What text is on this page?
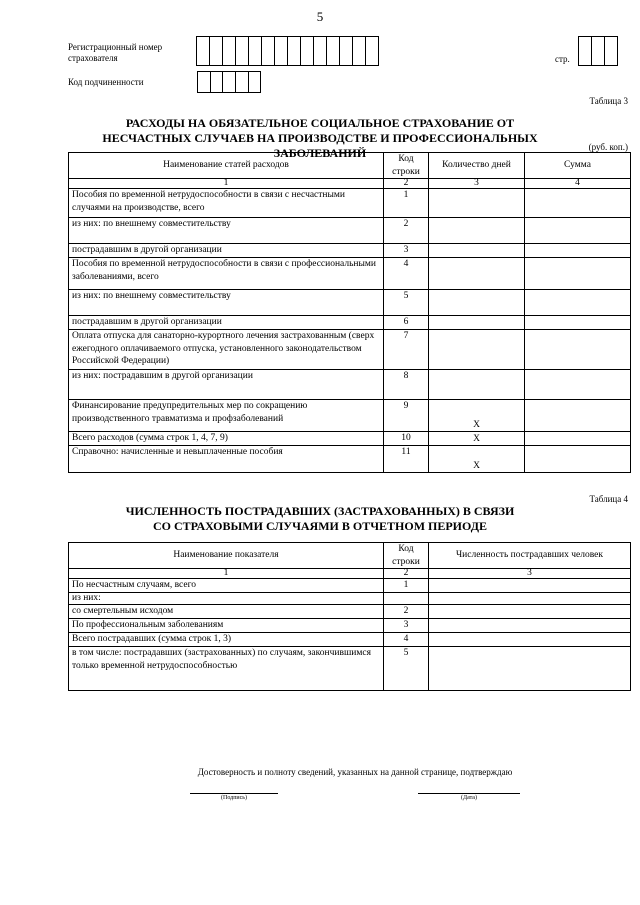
5
Регистрационный номер страхователя	стр.
Код подчиненности
Таблица 3
РАСХОДЫ НА ОБЯЗАТЕЛЬНОЕ СОЦИАЛЬНОЕ СТРАХОВАНИЕ ОТ НЕСЧАСТНЫХ СЛУЧАЕВ НА ПРОИЗВОДСТВЕ И ПРОФЕССИОНАЛЬНЫХ ЗАБОЛЕВАНИЙ	(руб. коп.)
Наименование статей расходов	Код строки	Количество дней	Сумма
1	2	3	4
Пособия по временной нетрудоспособности в связи с несчастными случаями на производстве, всего	1		
из них: по внешнему совместительству	2		
пострадавшим в другой организации	3		
Пособия по временной нетрудоспособности в связи с профессиональными заболеваниями, всего	4		
из них: по внешнему совместительству	5		
пострадавшим в другой организации	6		
Оплата отпуска для санаторно-курортного лечения застрахованным (сверх ежегодного оплачиваемого отпуска, установленного законодательством Российской Федерации)	7		
из них: пострадавшим в другой организации	8		
Финансирование предупредительных мер по сокращению производственного травматизма и профзаболеваний	9	X	
Всего расходов (сумма строк 1, 4, 7, 9)	10	X	
Справочно: начисленные и невыплаченные пособия	11	X	
Таблица 4
ЧИСЛЕННОСТЬ ПОСТРАДАВШИХ (ЗАСТРАХОВАННЫХ) В СВЯЗИ СО СТРАХОВЫМИ СЛУЧАЯМИ В ОТЧЕТНОМ ПЕРИОДЕ
Наименование показателя	Код строки	Численность пострадавших человек
1	2	3
По несчастным случаям, всего	1	
из них:		
со смертельным исходом	2	
По профессиональным заболеваниям	3	
Всего пострадавших (сумма строк 1, 3)	4	
в том числе: пострадавших (застрахованных) по случаям, закончившимся только временной нетрудоспособностью	5	
Достоверность и полноту сведений, указанных на данной странице, подтверждаю
(Подпись)	(Дата)
